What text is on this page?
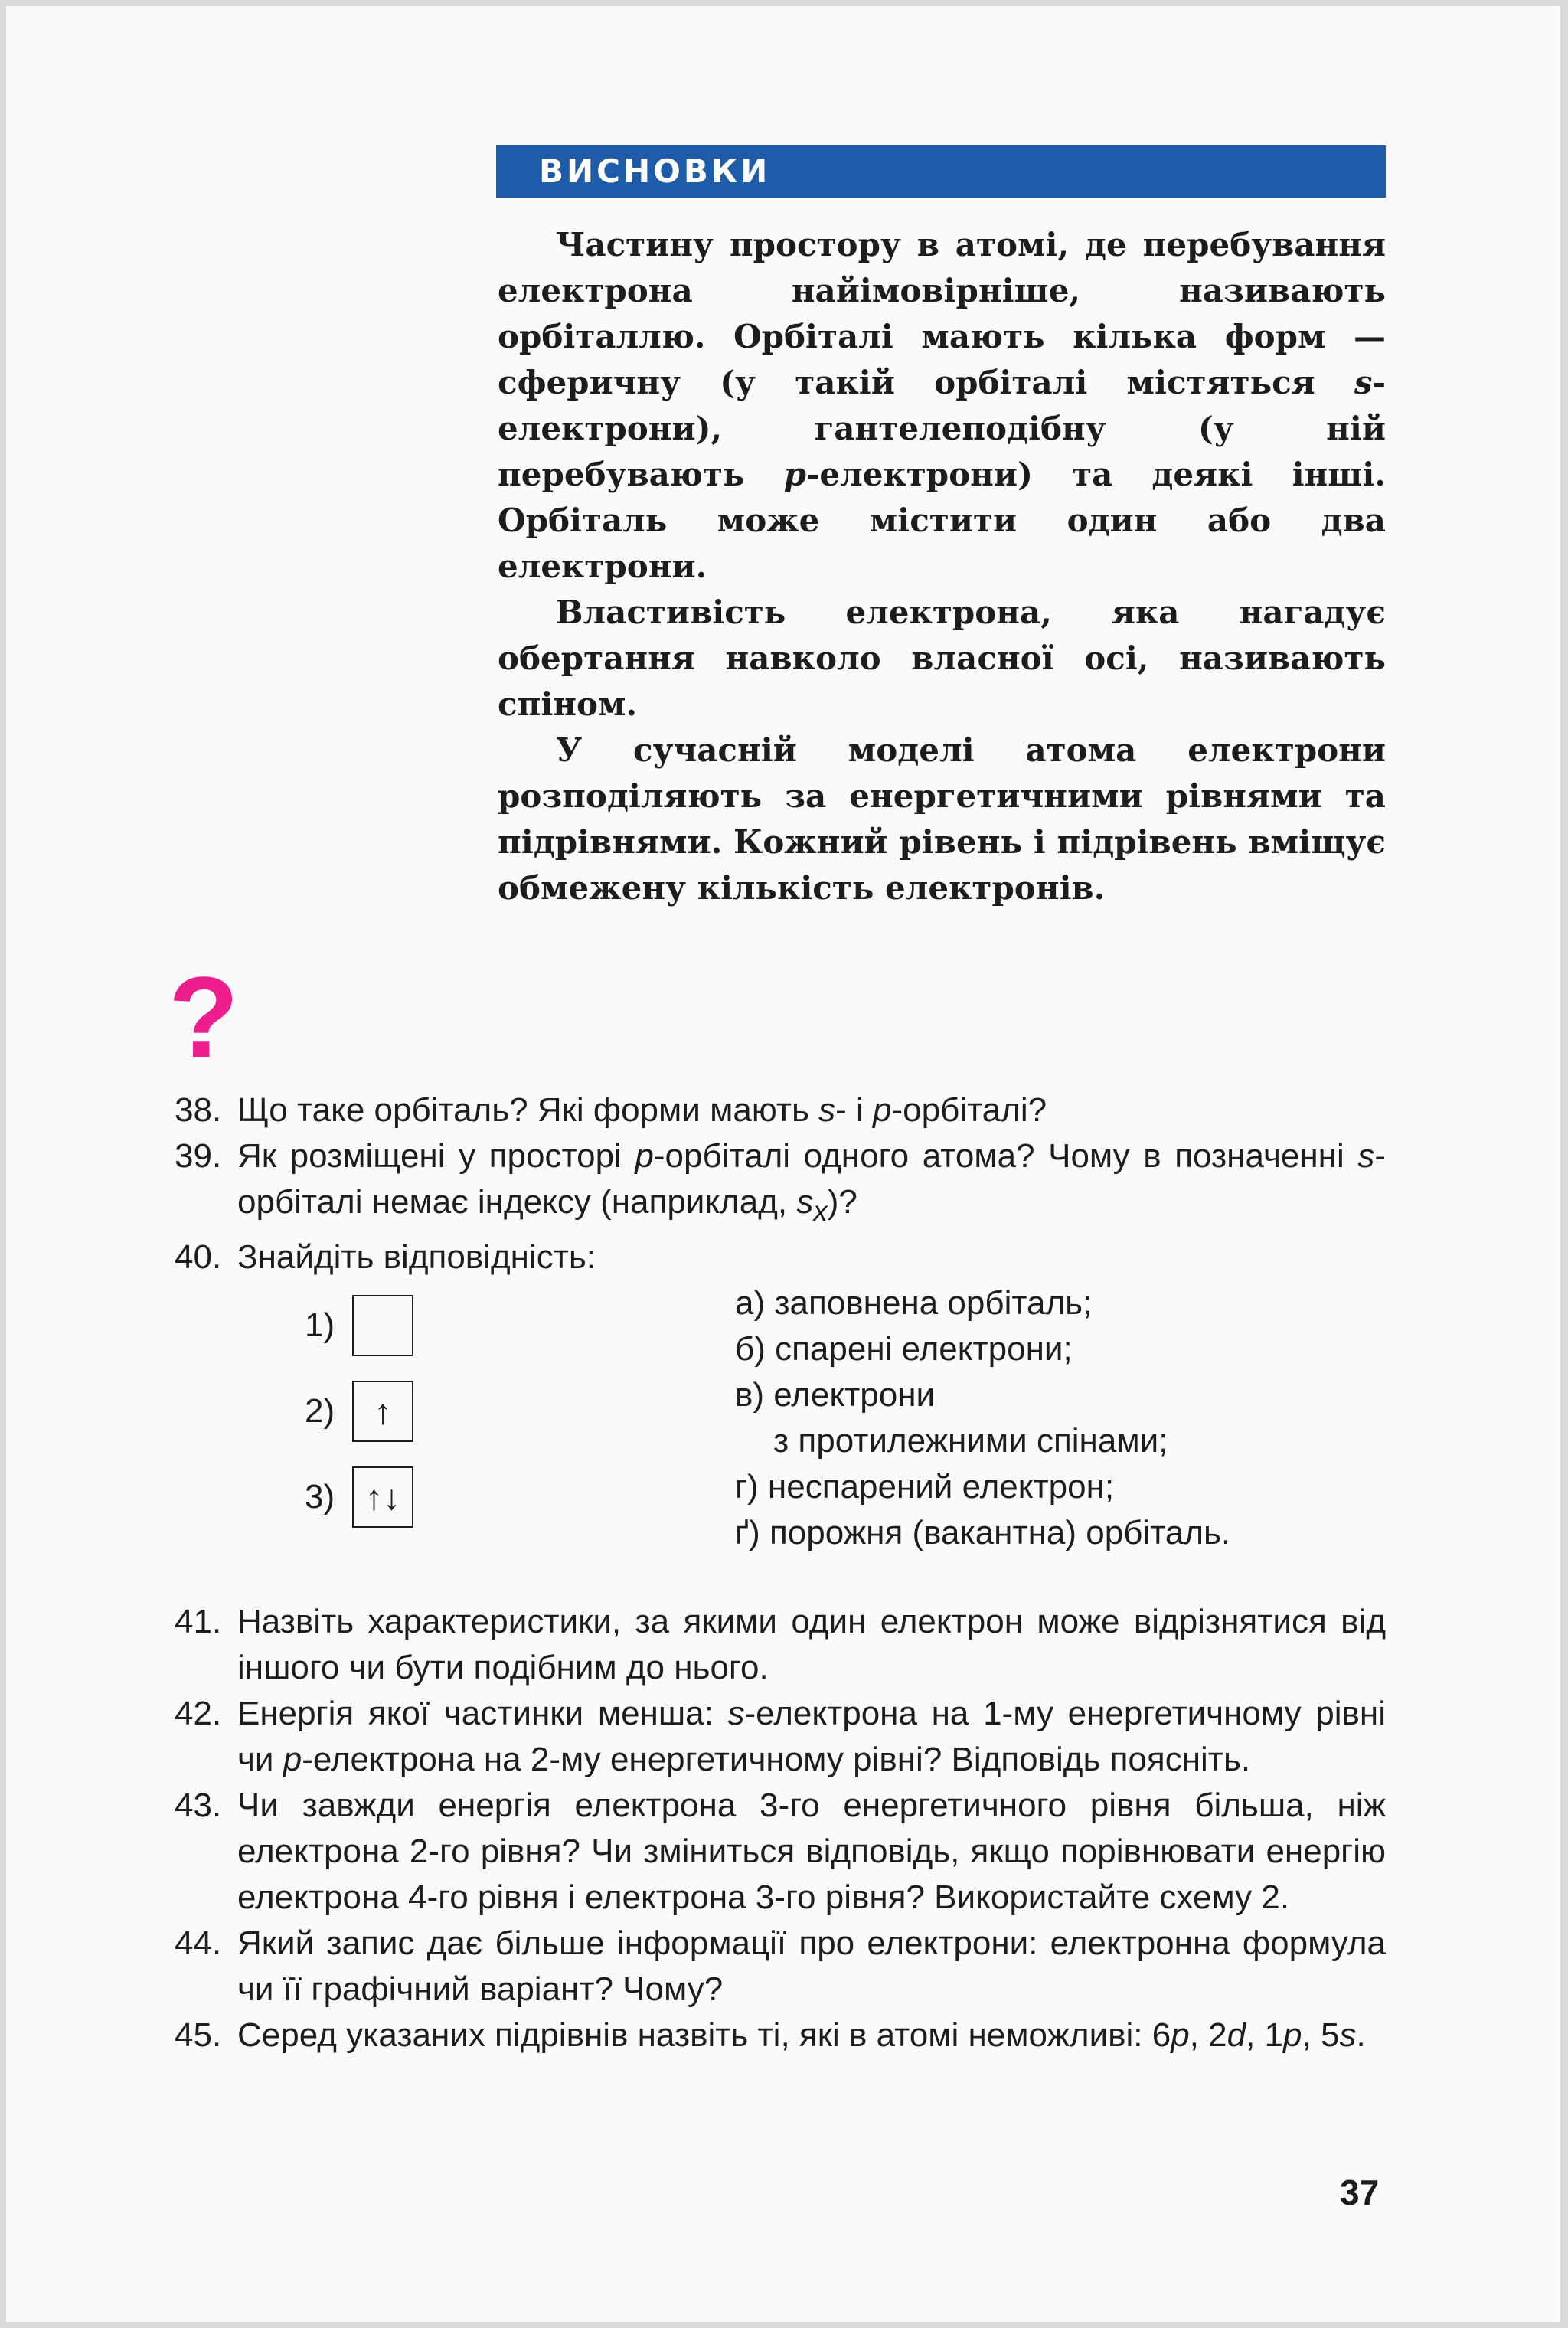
ВИСНОВКИ

Частину простору в атомі, де перебування електрона найімовірніше, називають орбіталлю. Орбіталі мають кілька форм — сферичну (у такій орбіталі містяться s-електрони), гантелеподібну (у ній перебувають p-електрони) та деякі інші. Орбіталь може містити один або два електрони.

Властивість електрона, яка нагадує обертання навколо власної осі, називають спіном.

У сучасній моделі атома електрони розподіляють за енергетичними рівнями та підрівнями. Кожний рівень і підрівень вміщує обмежену кількість електронів.

?
38. Що таке орбіталь? Які форми мають s- і p-орбіталі?
39. Як розміщені у просторі p-орбіталі одного атома? Чому в позначенні s-орбіталі немає індексу (наприклад, $s_x$)?
40. Знайдіть відповідність:
1)
2)	↑
3) ↑↓
а) заповнена орбіталь;
б) спарені електрони;
в) електрони
з протилежними спінами;
г) неспарений електрон;
ґ) порожня (вакантна) орбіталь.
41. Назвіть характеристики, за якими один електрон може відрізнятися від іншого чи бути подібним до нього.
42. Енергія якої частинки менша: s-електрона на 1-му енергетичному рівні чи p-електрона на 2-му енергетичному рівні? Відповідь поясніть.
43. Чи завжди енергія електрона 3-го енергетичного рівня більша, ніж електрона 2-го рівня? Чи зміниться відповідь, якщо порівнювати енергію електрона 4-го рівня і електрона 3-го рівня? Використайте схему 2.
44. Який запис дає більше інформації про електрони: електронна формула чи її графічний варіант? Чому?
45. Серед указаних підрівнів назвіть ті, які в атомі неможливі: 6p, 2d, 1p, 5s.
37
